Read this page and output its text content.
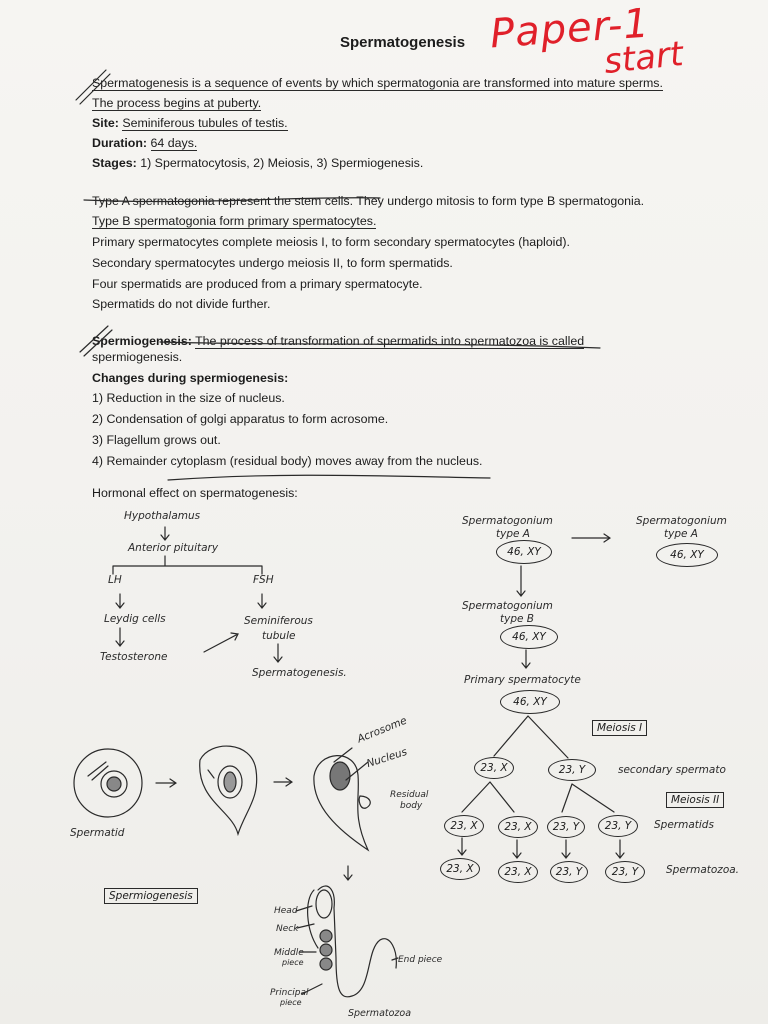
Spermatogenesis Paper-1
start
Spermatogenesis is a sequence of events by which spermatogonia are transformed into mature sperms.
The process begins at puberty.
Site: Seminiferous tubules of testis.
Duration: 64 days.
Stages: 1) Spermatocytosis, 2) Meiosis, 3) Spermiogenesis.
Type A spermatogonia represent the stem cells. They undergo mitosis to form type B spermatogonia.
Type B spermatogonia form primary spermatocytes.
Primary spermatocytes complete meiosis I, to form secondary spermatocytes (haploid).
Secondary spermatocytes undergo meiosis II, to form spermatids.
Four spermatids are produced from a primary spermatocyte.
Spermatids do not divide further.
Spermiogenesis: The process of transformation of spermatids into spermatozoa is called
spermiogenesis.
Changes during spermiogenesis:
1) Reduction in the size of nucleus.
2) Condensation of golgi apparatus to form acrosome.
3) Flagellum grows out.
4) Remainder cytoplasm (residual body) moves away from the nucleus.
Hormonal effect on spermatogenesis:
Hypothalamus
Anterior pituitary
LH	FSH
Leydig cells	Seminiferous
tubule
Testosterone
Spermatogenesis.
Spermatogonium
type A
46, XY
Spermatogonium
type A
46, XY
Spermatogonium
type B
46, XY
Primary spermatocyte
46, XY
Meiosis I
23, X	23, Y	secondary spermato
Meiosis II
23, X	23, X 23, Y 23, Y Spermatids
23, X	23, X 23, Y	23, Y	Spermatozoa.
Spermatid
Acrosome
Nucleus
Residual
body
Spermiogenesis
Head
Neck
Middle
piece	End piece
Principal
piece
Spermatozoa
